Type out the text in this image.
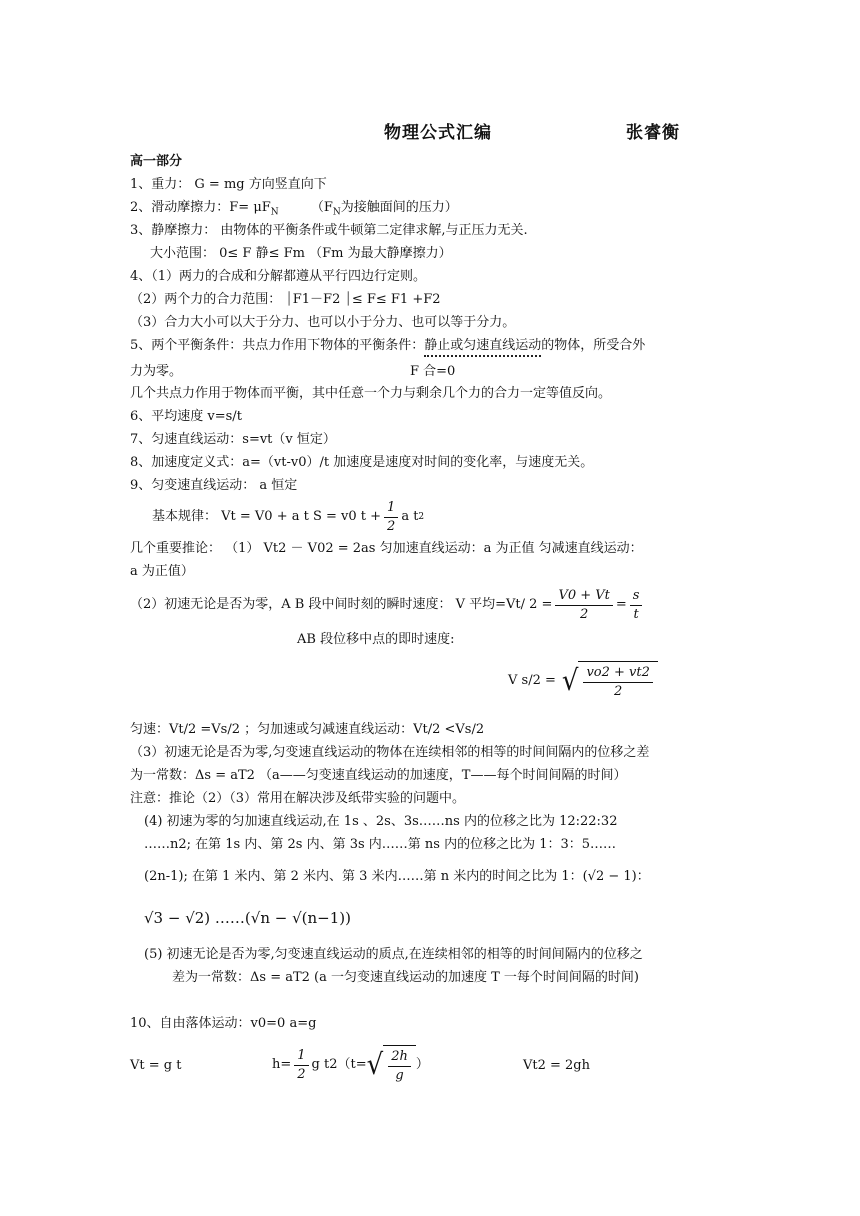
物理公式汇编	张睿衡
高一部分
1、重力： G = mg 方向竖直向下
2、滑动摩擦力：$F= \mu F_N$ （$F_N$为接触面间的压力）
3、静摩擦力： 由物体的平衡条件或牛顿第二定律求解,与正压力无关.
大小范围： 0≤ F 静≤ Fm （Fm 为最大静摩擦力）
4、（1）两力的合成和分解都遵从平行四边行定则。
（2）两个力的合力范围： ⏐F1－F2 ⏐≤ F≤ F1 +F2
（3）合力大小可以大于分力、也可以小于分力、也可以等于分力。
5、两个平衡条件：共点力作用下物体的平衡条件：静止或匀速直线运动的物体，所受合外
力为零。	F 合=0
几个共点力作用于物体而平衡，其中任意一个力与剩余几个力的合力一定等值反向。
6、平均速度 v=s/t
7、匀速直线运动：s=vt（v 恒定）
8、加速度定义式：a=（vt-v0）/t 加速度是速度对时间的变化率，与速度无关。
9、匀变速直线运动： a 恒定
基本规律： Vt = V0 + a t S = v0 $t + \frac{1}{2}$ a t 2
几个重要推论： （1） Vt2 － V02 = 2as 匀加速直线运动：a 为正值 匀减速直线运动：
a 为正值）
（2）初速无论是否为零，A B 段中间时刻的瞬时速度： V 平均=Vt/ $2 = \frac{V0 + Vt}{2} = \frac{s}{t}$
AB 段位移中点的即时速度:
V s/2 = √ $\frac{vo2 + vt2}{2}$
匀速：Vt/2 =Vs/2 ；匀加速或匀减速直线运动：Vt/2 <Vs/2
（3）初速无论是否为零,匀变速直线运动的物体在连续相邻的相等的时间间隔内的位移之差
为一常数：Δs = aT2 （a——匀变速直线运动的加速度，T——每个时间间隔的时间）
注意：推论（2）（3）常用在解决涉及纸带实验的问题中。
(4) 初速为零的匀加速直线运动,在 1s 、2s、3s……ns 内的位移之比为 12:22:32
……n2; 在第 1s 内、第 2s 内、第 3s 内……第 ns 内的位移之比为 1：3：5……
(2n-1); 在第 1 米内、第 2 米内、第 3 米内……第 n 米内的时间之比为 1：(√2 − 1)：
√3 − √2) ……(√n − √(n−1))
(5) 初速无论是否为零,匀变速直线运动的质点,在连续相邻的相等的时间间隔内的位移之
差为一常数：Δs = aT2 (a 一匀变速直线运动的加速度 T 一每个时间间隔的时间)
10、自由落体运动：v0=0 a=g
Vt = g t	$h= \frac{1}{2}$ g t2（t= √ $\frac{2h}{g}$ ）	Vt2 = 2gh
